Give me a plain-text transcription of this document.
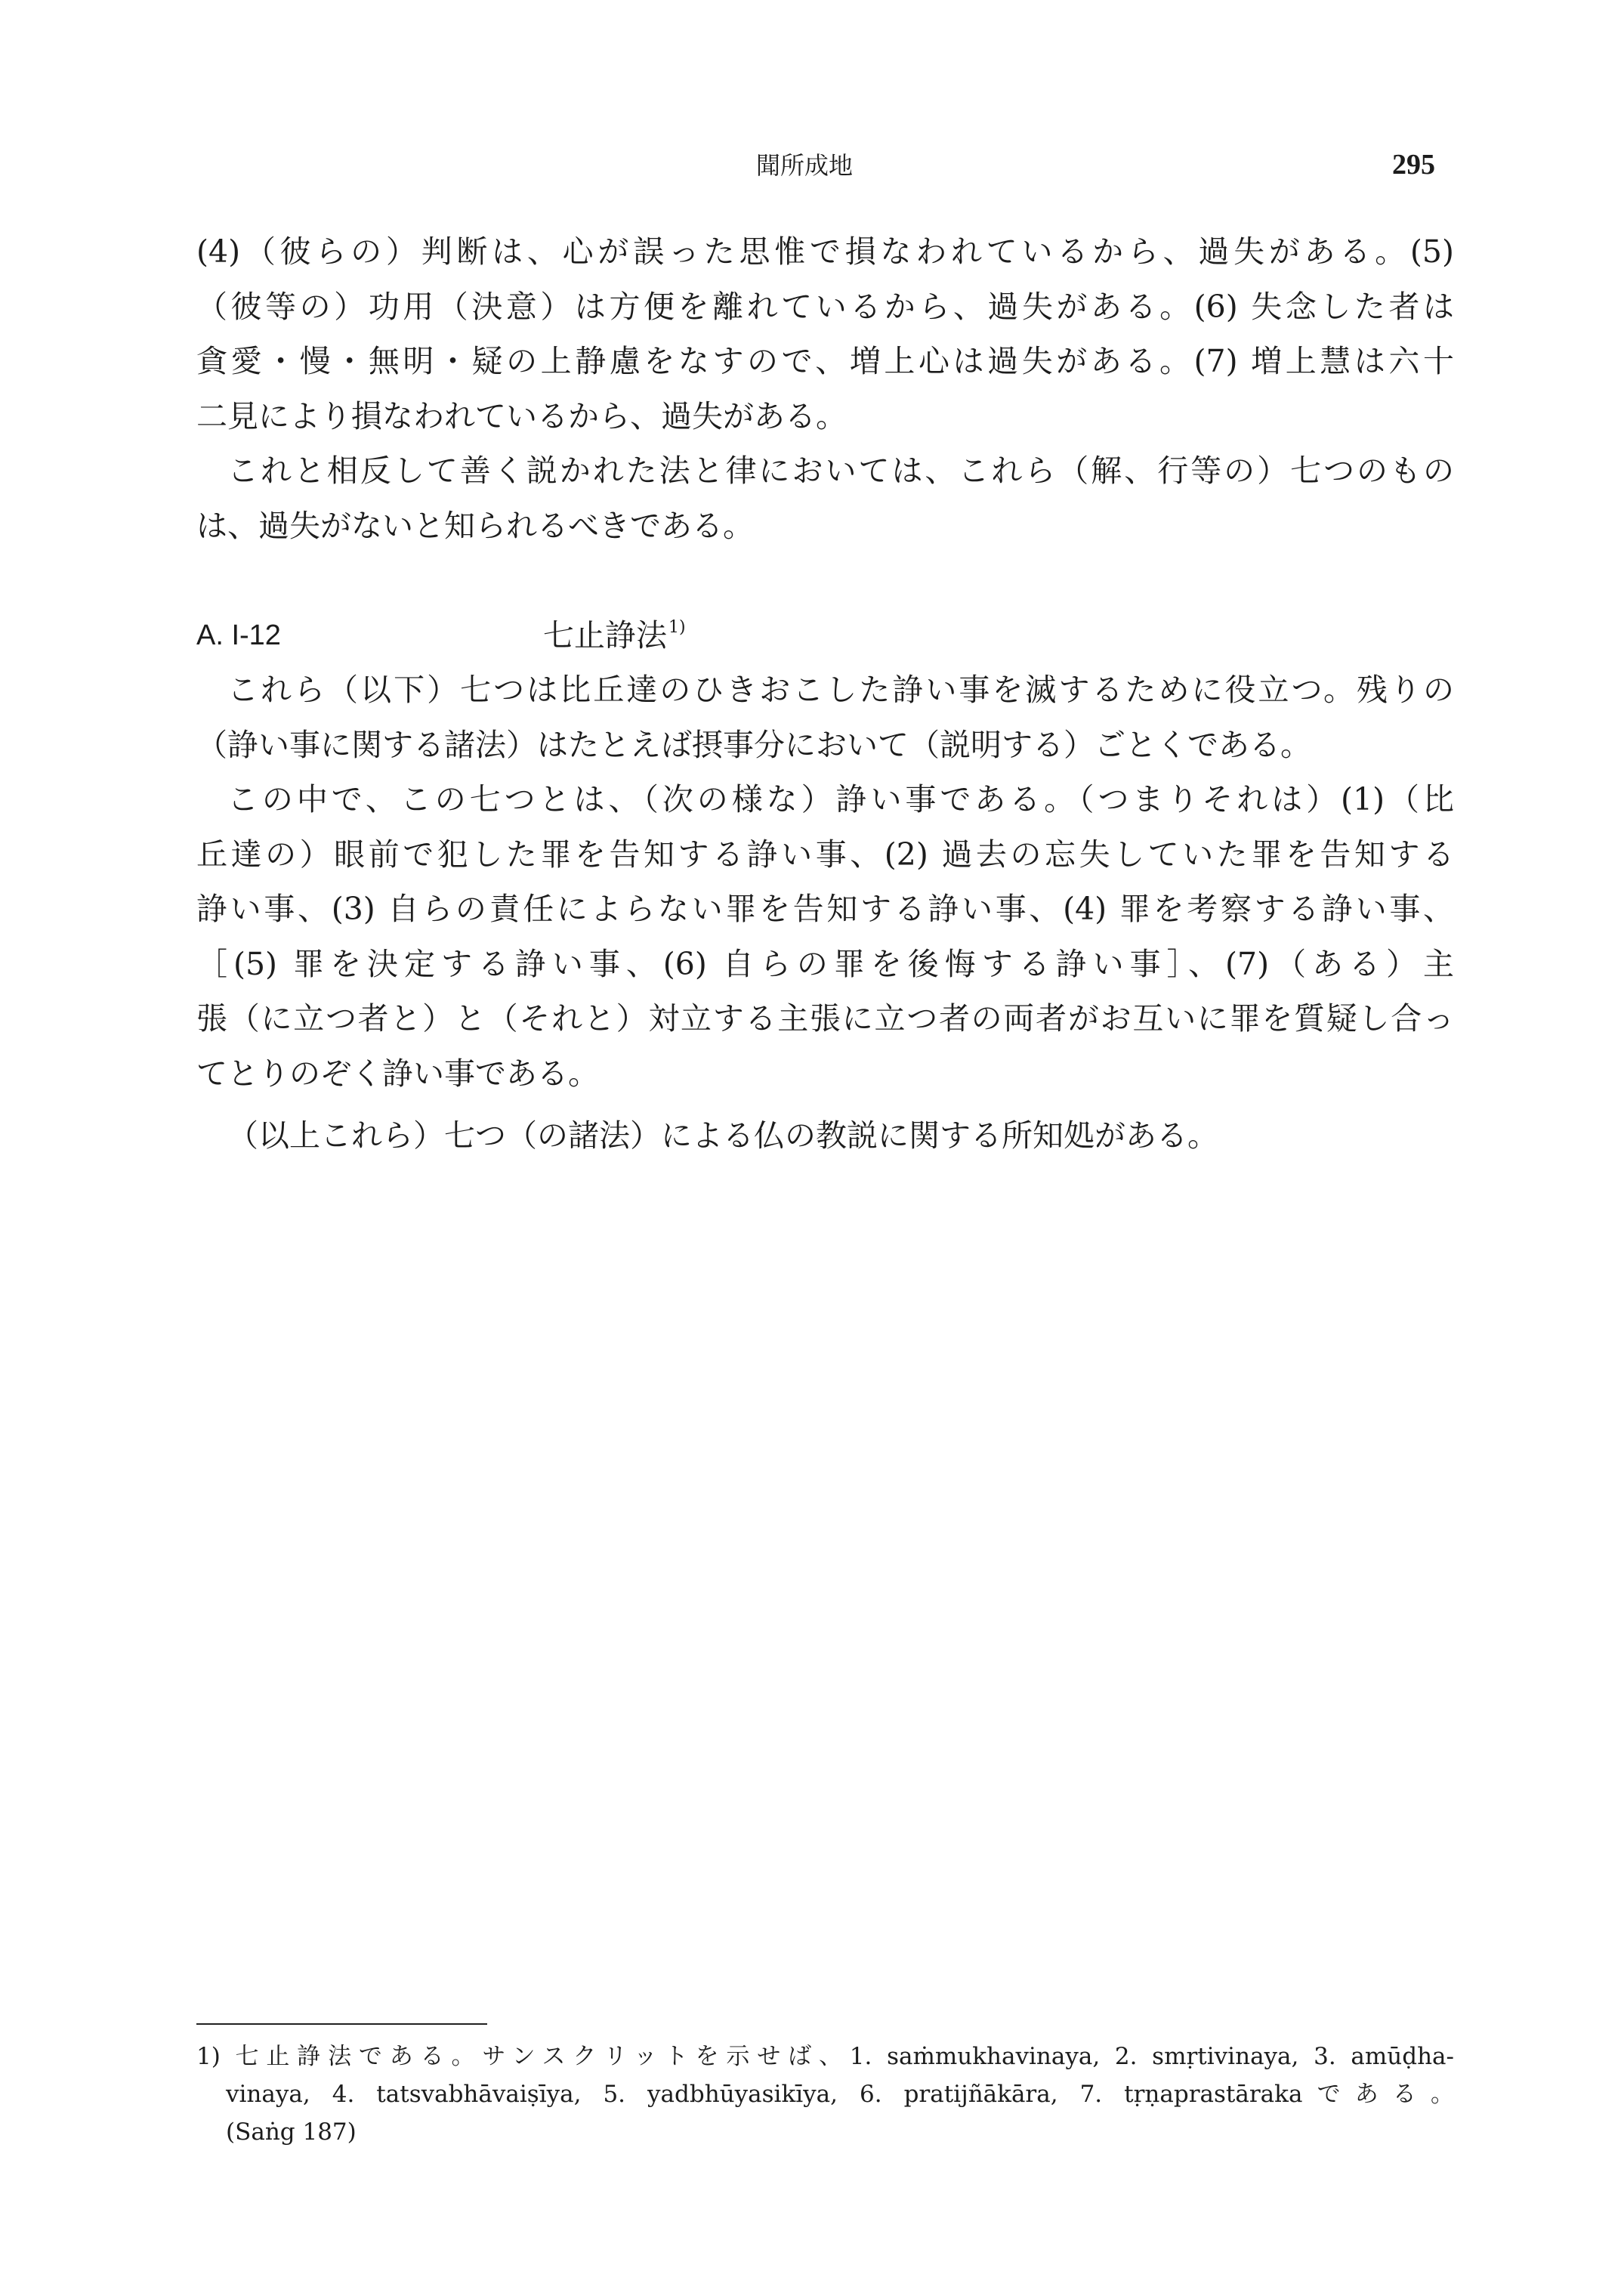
聞所成地	295
(4)（彼らの）判断は、心が誤った思惟で損なわれているから、過失がある。(5)
（彼等の）功用（決意）は方便を離れているから、過失がある。(6) 失念した者は
貪愛・慢・無明・疑の上静慮をなすので、増上心は過失がある。(7) 増上慧は六十
二見により損なわれているから、過失がある。
これと相反して善く説かれた法と律においては、これら（解、行等の）七つのもの
は、過失がないと知られるべきである。
A. I-12	七止諍法$^{1)}$
これら（以下）七つは比丘達のひきおこした諍い事を滅するために役立つ。残りの
（諍い事に関する諸法）はたとえば摂事分において（説明する）ごとくである。
この中で、この七つとは、（次の様な）諍い事である。（つまりそれは）(1)（比
丘達の）眼前で犯した罪を告知する諍い事、(2) 過去の忘失していた罪を告知する
諍い事、(3) 自らの責任によらない罪を告知する諍い事、(4) 罪を考察する諍い事、
［(5) 罪を決定する諍い事、(6) 自らの罪を後悔する諍い事］、(7)（ある）主
張（に立つ者と）と（それと）対立する主張に立つ者の両者がお互いに罪を質疑し合っ
てとりのぞく諍い事である。
（以上これら）七つ（の諸法）による仏の教説に関する所知処がある。
1) 七止諍法である。サンスクリットを示せば、1. saṁmukhavinaya, 2. smṛtivinaya, 3. amūḍha-
vinaya, 4. tatsvabhāvaiṣīya, 5. yadbhūyasikīya, 6. pratijñākāra, 7. tṛṇaprastārakaである。
(Saṅg 187)
